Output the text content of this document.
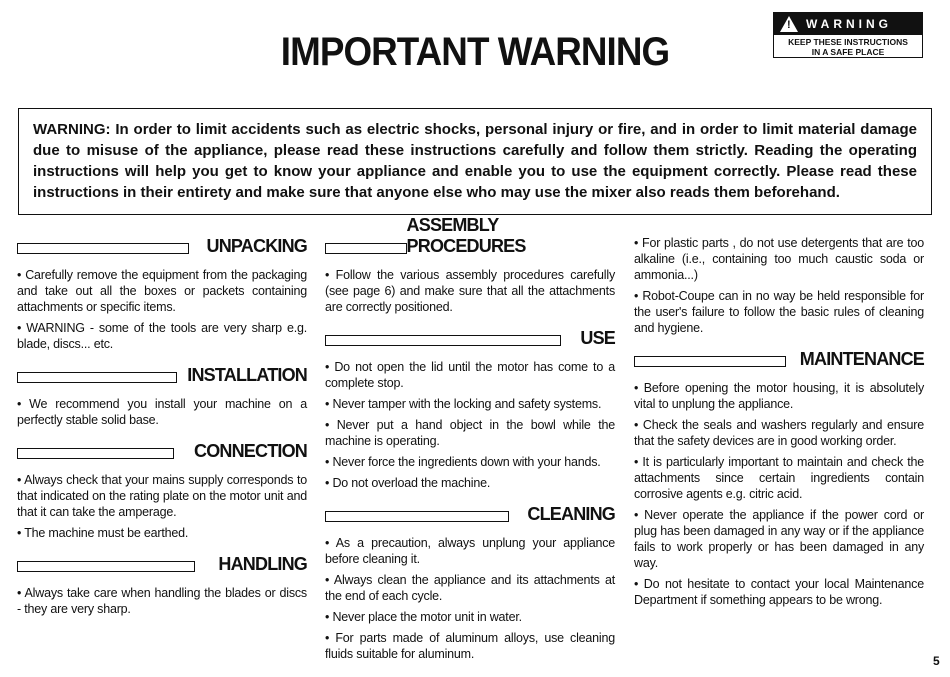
IMPORTANT WARNING
! WARNING
KEEP THESE INSTRUCTIONS
IN A SAFE PLACE
WARNING: In order to limit accidents such as electric shocks, personal injury or fire, and in order to limit material damage due to misuse of the appliance, please read these instructions carefully and follow them strictly. Reading the operating instructions will help you get to know your appliance and enable you to use the equipment correctly. Please read these instructions in their entirety and make sure that anyone else who may use the mixer also reads them beforehand.
UNPACKING
• Carefully remove the equipment from the packaging and take out all the boxes or packets containing attachments or specific items.
• WARNING - some of the tools are very sharp e.g. blade, discs... etc.
INSTALLATION
• We recommend you install your machine on a perfectly stable solid base.
CONNECTION
• Always check that your mains supply corresponds to that indicated on the rating plate on the motor unit and that it can take the amperage.
• The machine must be earthed.
HANDLING
• Always take care when handling the blades or discs - they are very sharp.
ASSEMBLY PROCEDURES
• Follow the various assembly procedures carefully (see page 6) and make sure that all the attachments are correctly positioned.
USE
• Do not open the lid until the motor has come to a complete stop.
• Never tamper with the locking and safety systems.
• Never put a hand object in the bowl while the machine is operating.
• Never force the ingredients down with your hands.
• Do not overload the machine.
CLEANING
• As a precaution, always unplung your appliance before cleaning it.
• Always clean the appliance and its attachments at the end of each cycle.
• Never place the motor unit in water.
• For parts made of aluminum alloys, use cleaning fluids suitable for aluminum.
• For plastic parts , do not use detergents that are too alkaline (i.e., containing too much caustic soda or ammonia...)
• Robot-Coupe can in no way be held responsible for the user's failure to follow the basic rules of cleaning and hygiene.
MAINTENANCE
• Before opening the motor housing, it is absolutely vital to unplung the appliance.
• Check the seals and washers regularly and ensure that the safety devices are in good working order.
• It is particularly important to maintain and check the attachments since certain ingredients contain corrosive agents e.g. citric acid.
• Never operate the appliance if the power cord or plug has been damaged in any way or if the appliance fails to work properly or has been damaged in any way.
• Do not hesitate to contact your local Maintenance Department if something appears to be wrong.
5
